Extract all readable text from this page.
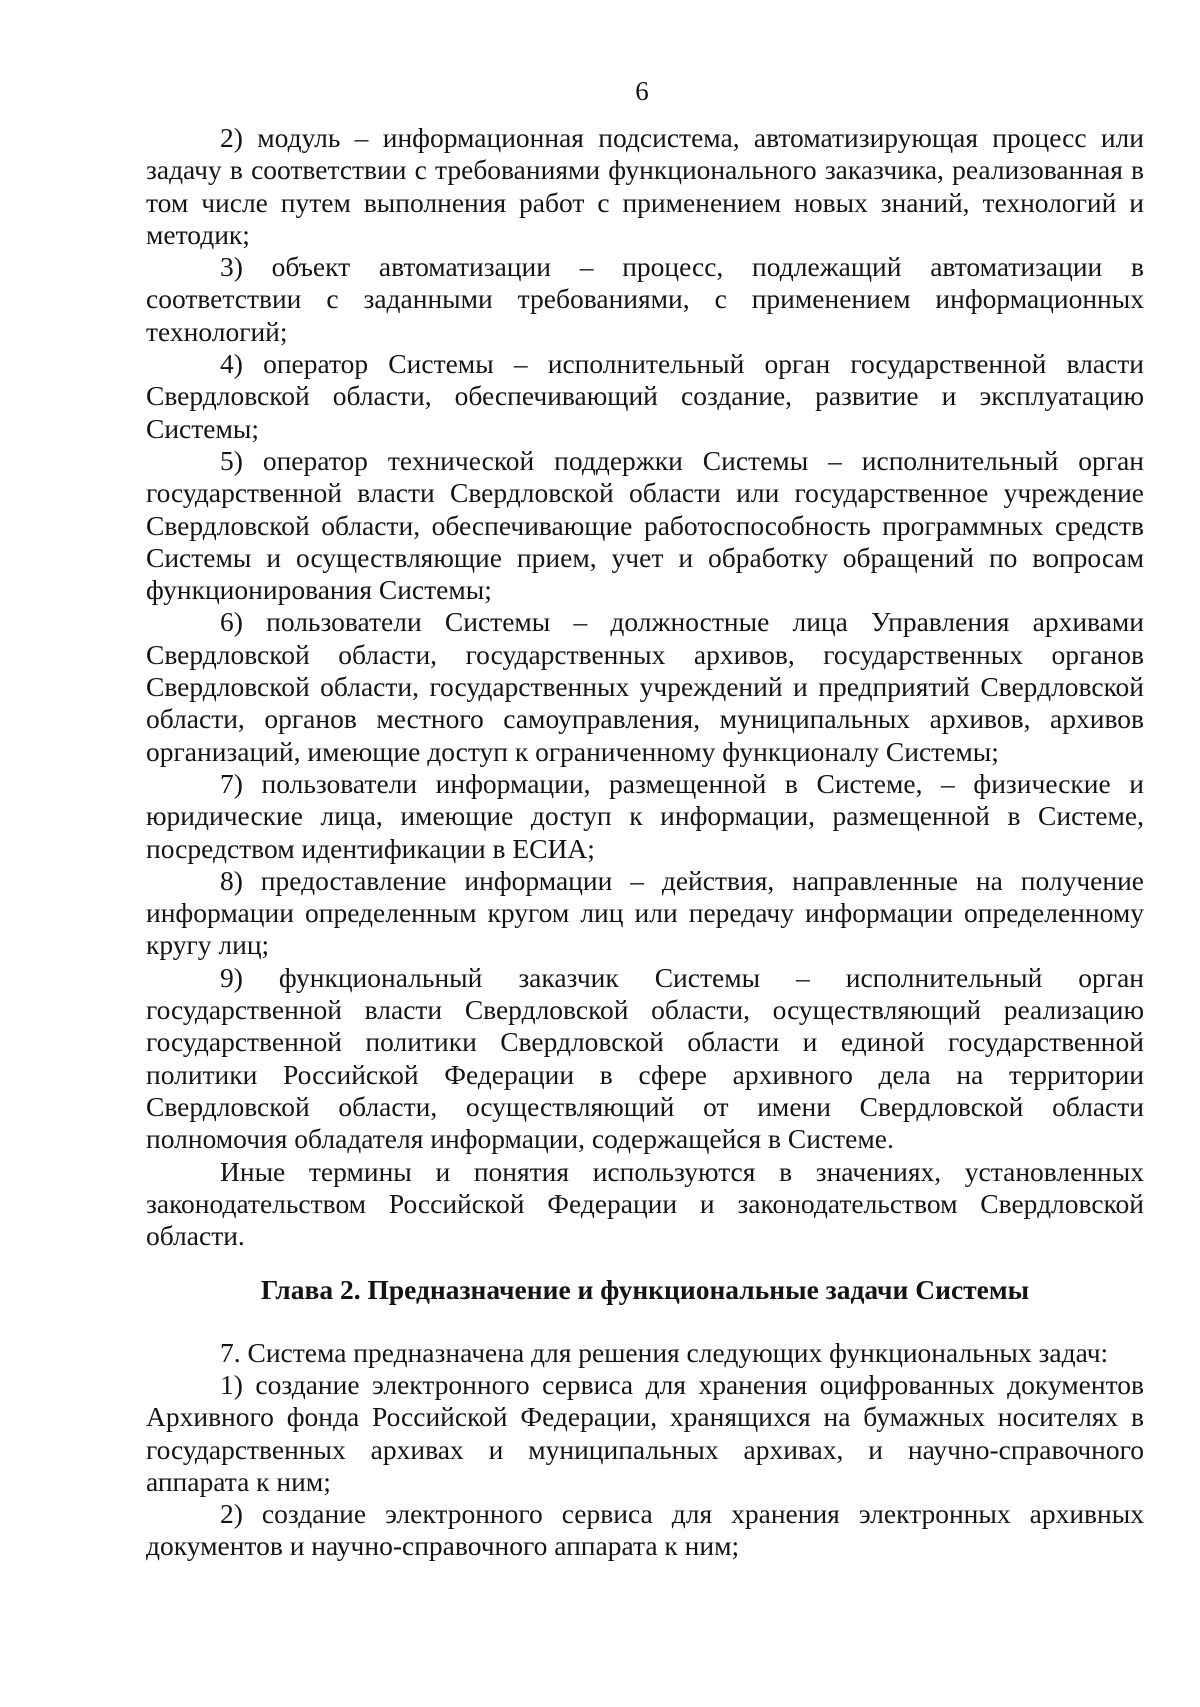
6

2) модуль – информационная подсистема, автоматизирующая процесс или задачу в соответствии с требованиями функционального заказчика, реализованная в том числе путем выполнения работ с применением новых знаний, технологий и методик;

3) объект автоматизации – процесс, подлежащий автоматизации в соответствии с заданными требованиями, с применением информационных технологий;

4) оператор Системы – исполнительный орган государственной власти Свердловской области, обеспечивающий создание, развитие и эксплуатацию Системы;

5) оператор технической поддержки Системы – исполнительный орган государственной власти Свердловской области или государственное учреждение Свердловской области, обеспечивающие работоспособность программных средств Системы и осуществляющие прием, учет и обработку обращений по вопросам функционирования Системы;

6) пользователи Системы – должностные лица Управления архивами Свердловской области, государственных архивов, государственных органов Свердловской области, государственных учреждений и предприятий Свердловской области, органов местного самоуправления, муниципальных архивов, архивов организаций, имеющие доступ к ограниченному функционалу Системы;

7) пользователи информации, размещенной в Системе, – физические и юридические лица, имеющие доступ к информации, размещенной в Системе, посредством идентификации в ЕСИА;

8) предоставление информации – действия, направленные на получение информации определенным кругом лиц или передачу информации определенному кругу лиц;

9) функциональный заказчик Системы – исполнительный орган государственной власти Свердловской области, осуществляющий реализацию государственной политики Свердловской области и единой государственной политики Российской Федерации в сфере архивного дела на территории Свердловской области, осуществляющий от имени Свердловской области полномочия обладателя информации, содержащейся в Системе.

Иные термины и понятия используются в значениях, установленных законодательством Российской Федерации и законодательством Свердловской области.

Глава 2. Предназначение и функциональные задачи Системы

7. Система предназначена для решения следующих функциональных задач:

1) создание электронного сервиса для хранения оцифрованных документов Архивного фонда Российской Федерации, хранящихся на бумажных носителях в государственных архивах и муниципальных архивах, и научно-справочного аппарата к ним;

2) создание электронного сервиса для хранения электронных архивных документов и научно-справочного аппарата к ним;
